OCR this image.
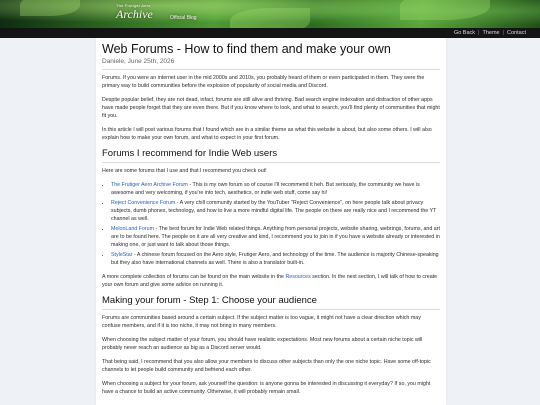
The Frutiger Aero
Archive	Official Blog
Go Back | Theme | Contact
Web Forums - How to find them and make your own
Daniele, June 25th, 2026

Forums. If you were an internet user in the mid 2000s and 2010s, you probably heard of them or even participated in them. They were the primary way to build communities before the explosion of popularity of social media and Discord.

Despite popular belief, they are not dead, infact, forums are still alive and thriving. Bad search engine indexation and distraction of other apps have made people forget that they are even there. But if you know where to look, and what to search, you'll find plenty of communities that might fit you.

In this article I will post various forums that I found which are in a similar theme as what this website is about, but also some others. I will also explain how to make your own forum, and what to expect in your first forum.

Forums I recommend for Indie Web users

Here are some forums that I use and that I recommend you check out!

• The Frutiger Aero Archive Forum - This is my own forum so of course I'll recommend it heh. But seriously, the community we have is awesome and very welcoming, if you're into tech, aesthetics, or indie web stuff, come say hi!
• Reject Convenience Forum - A very chill community started by the YouTuber "Reject Convenience", on here people talk about privacy subjects, dumb phones, technology, and how to live a more mindful digital life. The people on there are really nice and I recommend the YT channel as well.
• MelonLand Forum - The best forum for Indie Web related things. Anything from personal projects, website sharing, webrings, forums, and art are to be found here. The people on it are all very creative and kind, I recommend you to join in if you have a website already or interested in making one, or just want to talk about those things.
• StyleStar - A chinese forum focused on the Aero style, Frutiger Aero, and technology of the time. The audience is majority Chinese-speaking but they also have international channels as well. There is also a translator built-in.

A more complete collection of forums can be found on the main website in the Resources section. In the next section, I will talk of how to create your own forum and give some advice on running it.

Making your forum - Step 1: Choose your audience

Forums are communities based around a certain subject. If the subject matter is too vague, it might not have a clear direction which may confuse members, and if it is too niche, it may not bring in many members.

When choosing the subject matter of your forum, you should have realistic expectations. Most new forums about a certain niche topic will probably never reach an audience as big as a Discord server would.

That being said, I recommend that you also allow your members to discuss other subjects than only the one niche topic. Have some off-topic channels to let people build community and befriend each other.

When choosing a subject for your forum, ask yourself the question: is anyone gonna be interested in discussing it everyday? If so, you might have a chance to build an active community. Otherwise, it will probably remain small.
